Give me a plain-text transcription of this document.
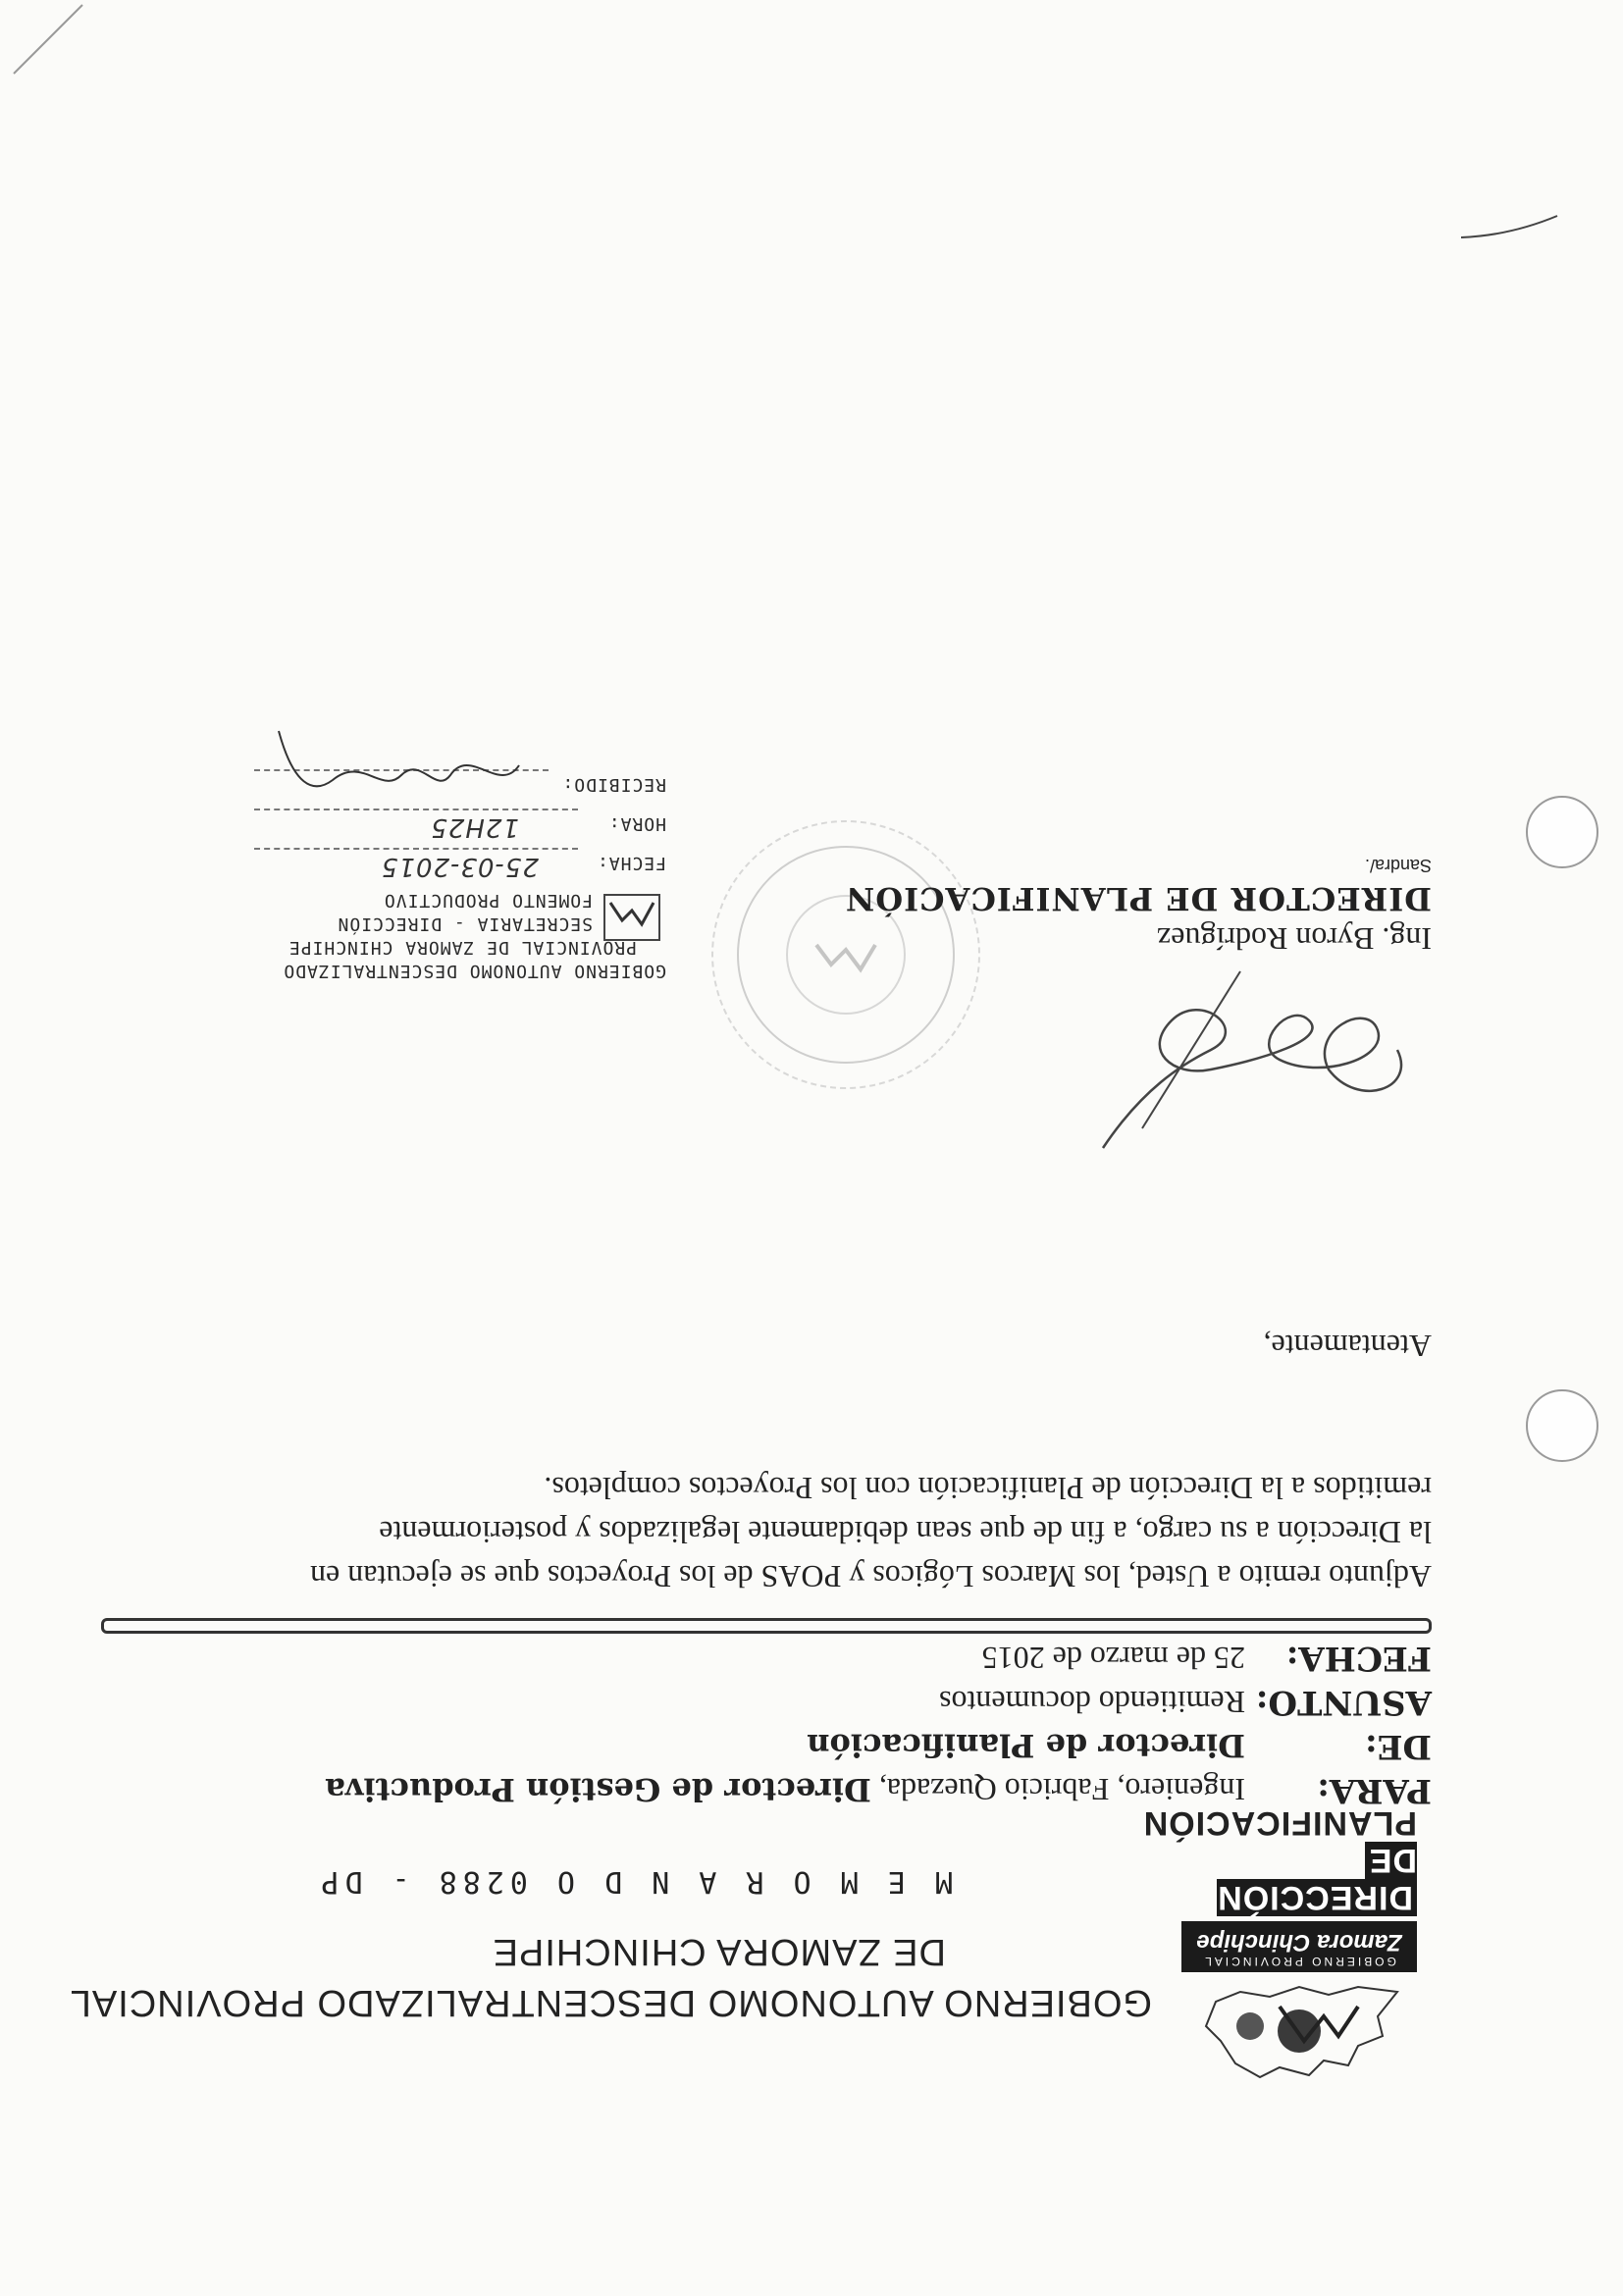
GOBIERNO PROVINCIAL
Zamora Chinchipe
DIRECCIÓN DE
PLANIFICACIÓN
GOBIERNO AUTONOMO DESCENTRALIZADO PROVINCIAL
DE ZAMORA CHINCHIPE
M E M O R A N D O 0288 - DP
PARA:
Ingeniero, Fabricio Quezada, Director de Gestión Productiva
DE:
Director de Planificación
ASUNTO:
Remitiendo documentos
FECHA:
25 de marzo de 2015
Adjunto remito a Usted, los Marcos Lógicos y POAS de los Proyectos que se ejecutan en
la Dirección a su cargo, a fin de que sean debidamente legalizados y posteriormente
remitidos a la Dirección de Planificación con los Proyectos completos.
Atentamente,
Ing. Byron Rodríguez
DIRECTOR DE PLANIFICACIÓN
Sandra/.
GOBIERNO AUTONOMO DESCENTRALIZADO
PROVINCIAL DE ZAMORA CHINCHIPE
SECRETARIA - DIRECCIÓN
FOMENTO PRODUCTIVO
FECHA:
25-03-2015
HORA:
12H25
RECIBIDO:
